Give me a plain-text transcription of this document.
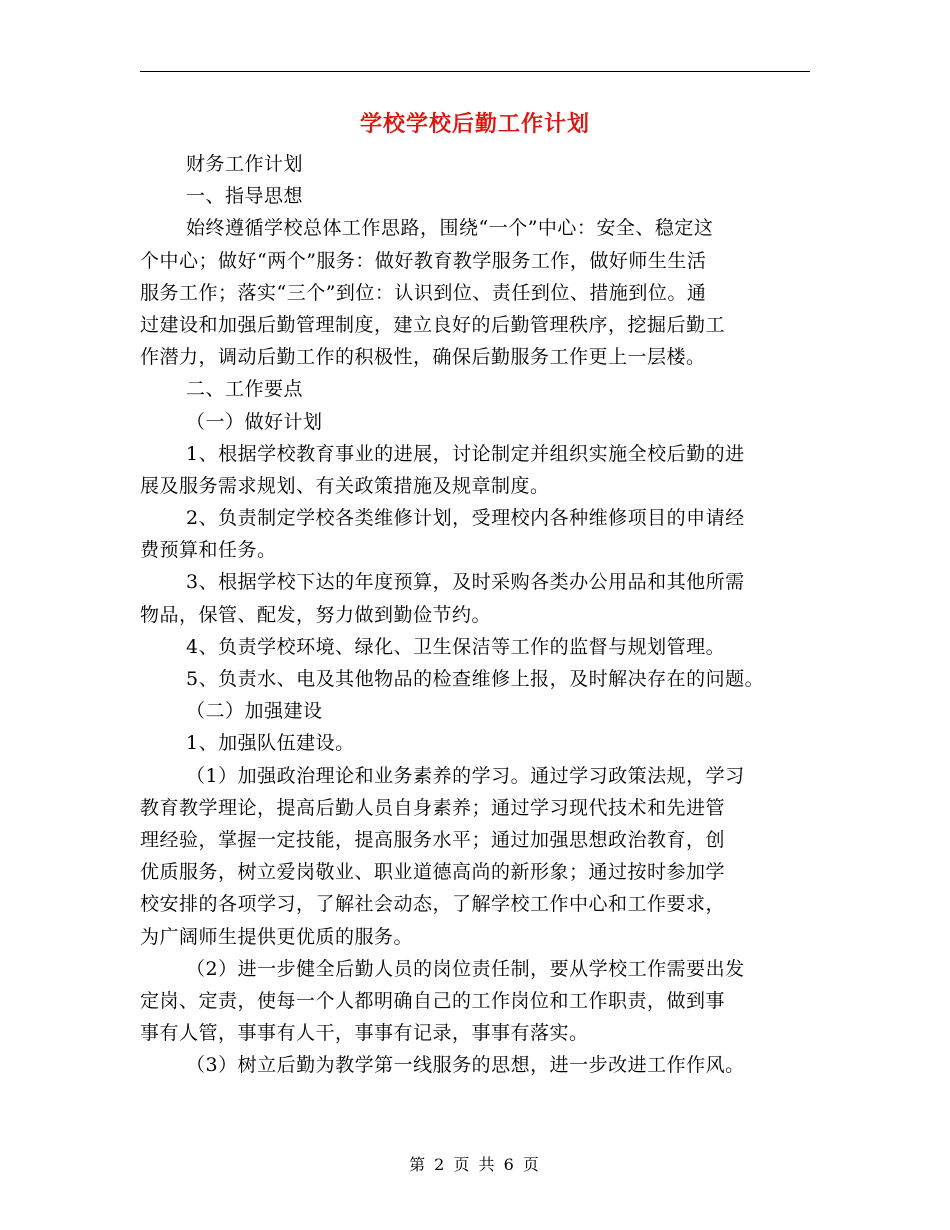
学校学校后勤工作计划
财务工作计划
一、指导思想
始终遵循学校总体工作思路，围绕“一个”中心：安全、稳定这
个中心；做好“两个”服务：做好教育教学服务工作，做好师生生活
服务工作；落实“三个”到位：认识到位、责任到位、措施到位。通
过建设和加强后勤管理制度，建立良好的后勤管理秩序，挖掘后勤工
作潜力，调动后勤工作的积极性，确保后勤服务工作更上一层楼。
二、工作要点
（一）做好计划
1、根据学校教育事业的进展，讨论制定并组织实施全校后勤的进
展及服务需求规划、有关政策措施及规章制度。
2、负责制定学校各类维修计划，受理校内各种维修项目的申请经
费预算和任务。
3、根据学校下达的年度预算，及时采购各类办公用品和其他所需
物品，保管、配发，努力做到勤俭节约。
4、负责学校环境、绿化、卫生保洁等工作的监督与规划管理。
5、负责水、电及其他物品的检查维修上报，及时解决存在的问题。
（二）加强建设
1、加强队伍建设。
（1）加强政治理论和业务素养的学习。通过学习政策法规，学习
教育教学理论，提高后勤人员自身素养；通过学习现代技术和先进管
理经验，掌握一定技能，提高服务水平；通过加强思想政治教育，创
优质服务，树立爱岗敬业、职业道德高尚的新形象；通过按时参加学
校安排的各项学习，了解社会动态，了解学校工作中心和工作要求，
为广阔师生提供更优质的服务。
（2）进一步健全后勤人员的岗位责任制，要从学校工作需要出发
定岗、定责，使每一个人都明确自己的工作岗位和工作职责，做到事
事有人管，事事有人干，事事有记录，事事有落实。
（3）树立后勤为教学第一线服务的思想，进一步改进工作作风。
第 2 页 共 6 页
